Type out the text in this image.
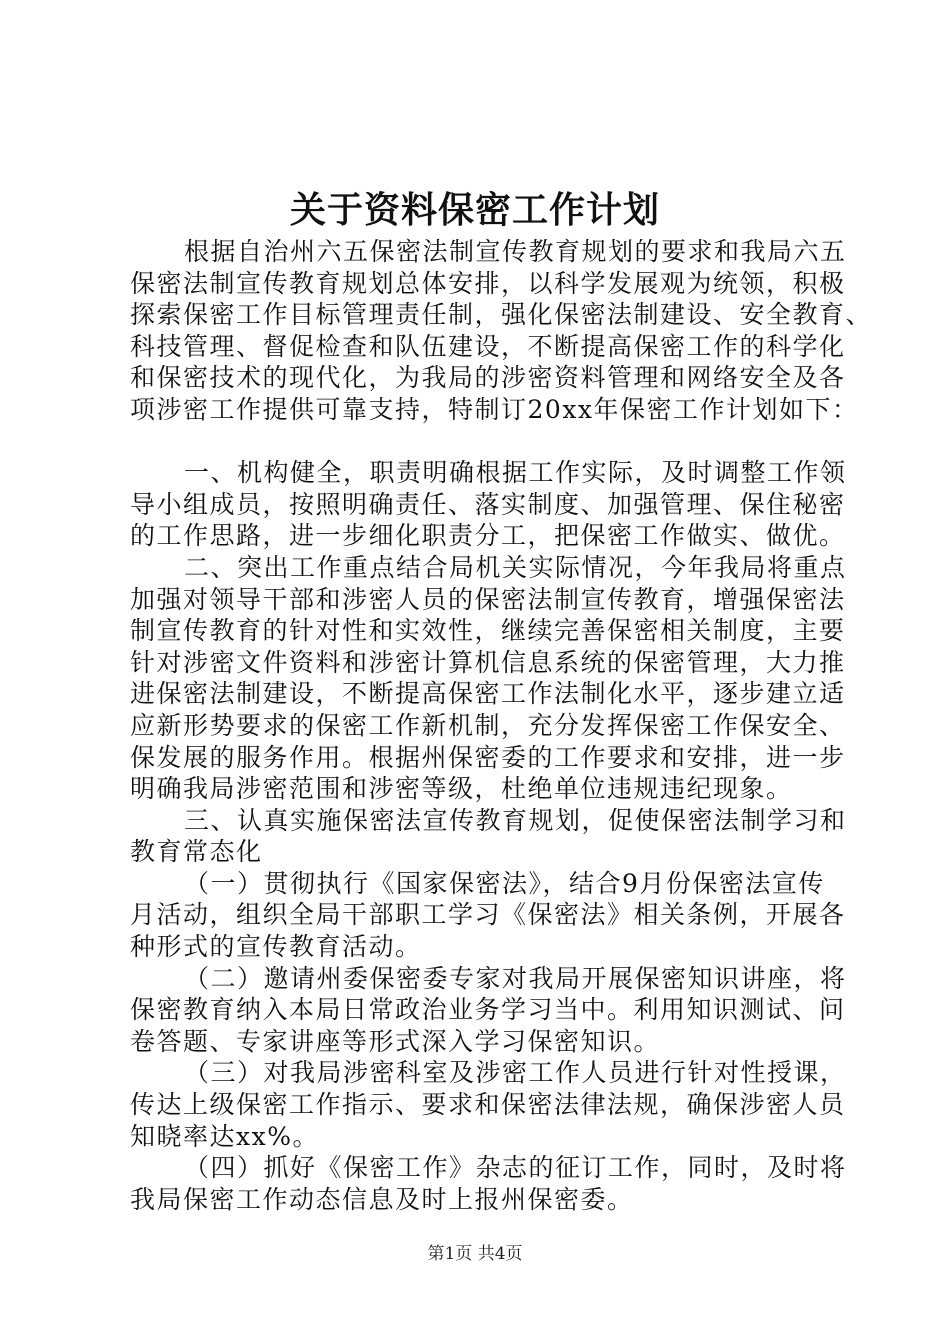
关于资料保密工作计划
根据自治州六五保密法制宣传教育规划的要求和我局六五
保密法制宣传教育规划总体安排，以科学发展观为统领，积极
探索保密工作目标管理责任制，强化保密法制建设、安全教育、
科技管理、督促检查和队伍建设，不断提高保密工作的科学化
和保密技术的现代化，为我局的涉密资料管理和网络安全及各
项涉密工作提供可靠支持，特制订20xx年保密工作计划如下：
一、机构健全，职责明确根据工作实际，及时调整工作领
导小组成员，按照明确责任、落实制度、加强管理、保住秘密
的工作思路，进一步细化职责分工，把保密工作做实、做优。
二、突出工作重点结合局机关实际情况，今年我局将重点
加强对领导干部和涉密人员的保密法制宣传教育，增强保密法
制宣传教育的针对性和实效性，继续完善保密相关制度，主要
针对涉密文件资料和涉密计算机信息系统的保密管理，大力推
进保密法制建设，不断提高保密工作法制化水平，逐步建立适
应新形势要求的保密工作新机制，充分发挥保密工作保安全、
保发展的服务作用。根据州保密委的工作要求和安排，进一步
明确我局涉密范围和涉密等级，杜绝单位违规违纪现象。
三、认真实施保密法宣传教育规划，促使保密法制学习和
教育常态化
（一）贯彻执行《国家保密法》，结合9月份保密法宣传
月活动，组织全局干部职工学习《保密法》相关条例，开展各
种形式的宣传教育活动。
（二）邀请州委保密委专家对我局开展保密知识讲座，将
保密教育纳入本局日常政治业务学习当中。利用知识测试、问
卷答题、专家讲座等形式深入学习保密知识。
（三）对我局涉密科室及涉密工作人员进行针对性授课，
传达上级保密工作指示、要求和保密法律法规，确保涉密人员
知晓率达xx%。
（四）抓好《保密工作》杂志的征订工作，同时，及时将
我局保密工作动态信息及时上报州保密委。
第1页 共4页
